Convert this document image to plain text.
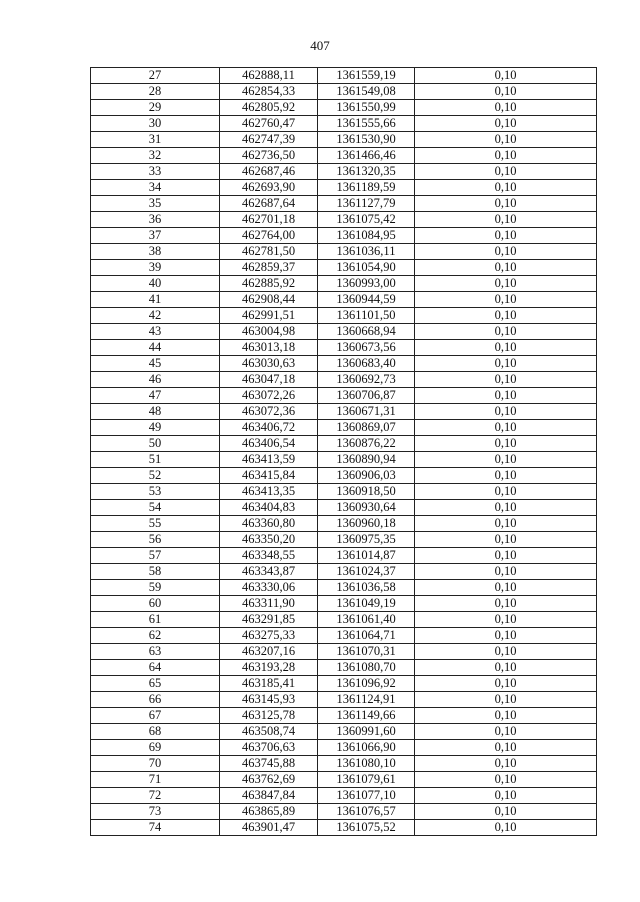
407
27	462888,11	1361559,19	0,10
28	462854,33	1361549,08	0,10
29	462805,92	1361550,99	0,10
30	462760,47	1361555,66	0,10
31	462747,39	1361530,90	0,10
32	462736,50	1361466,46	0,10
33	462687,46	1361320,35	0,10
34	462693,90	1361189,59	0,10
35	462687,64	1361127,79	0,10
36	462701,18	1361075,42	0,10
37	462764,00	1361084,95	0,10
38	462781,50	1361036,11	0,10
39	462859,37	1361054,90	0,10
40	462885,92	1360993,00	0,10
41	462908,44	1360944,59	0,10
42	462991,51	1361101,50	0,10
43	463004,98	1360668,94	0,10
44	463013,18	1360673,56	0,10
45	463030,63	1360683,40	0,10
46	463047,18	1360692,73	0,10
47	463072,26	1360706,87	0,10
48	463072,36	1360671,31	0,10
49	463406,72	1360869,07	0,10
50	463406,54	1360876,22	0,10
51	463413,59	1360890,94	0,10
52	463415,84	1360906,03	0,10
53	463413,35	1360918,50	0,10
54	463404,83	1360930,64	0,10
55	463360,80	1360960,18	0,10
56	463350,20	1360975,35	0,10
57	463348,55	1361014,87	0,10
58	463343,87	1361024,37	0,10
59	463330,06	1361036,58	0,10
60	463311,90	1361049,19	0,10
61	463291,85	1361061,40	0,10
62	463275,33	1361064,71	0,10
63	463207,16	1361070,31	0,10
64	463193,28	1361080,70	0,10
65	463185,41	1361096,92	0,10
66	463145,93	1361124,91	0,10
67	463125,78	1361149,66	0,10
68	463508,74	1360991,60	0,10
69	463706,63	1361066,90	0,10
70	463745,88	1361080,10	0,10
71	463762,69	1361079,61	0,10
72	463847,84	1361077,10	0,10
73	463865,89	1361076,57	0,10
74	463901,47	1361075,52	0,10
